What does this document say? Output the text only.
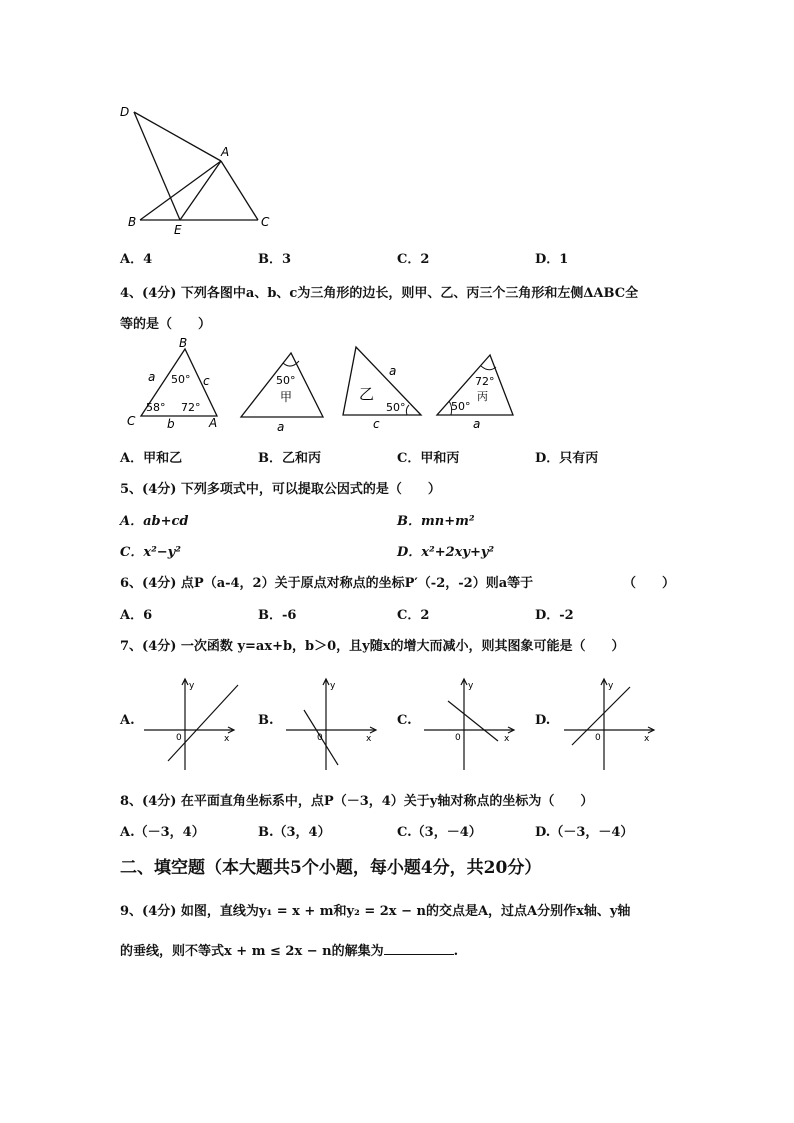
D
A
B
E
C
A．4	B．3	C．2	D．1
4、(4分) 下列各图中a、b、c为三角形的边长，则甲、乙、丙三个三角形和左侧ΔABC全
等的是（　　）
B
C	A
a
b
c
50°
58° 72°
50°
甲
a
乙
a
50°
c
72°
丙
50°
a
A．甲和乙	B．乙和丙	C．甲和丙	D．只有丙
5、(4分) 下列多项式中，可以提取公因式的是（　　）
A．ab+cd	B．mn+m²
C．x²−y²	D．x²+2xy+y²
6、(4分) 点P（a-4，2）关于原点对称点的坐标P′（-2，-2）则a等于	（　　）
A．6	B．-6	C．2	D．-2
7、(4分) 一次函数 y=ax+b，b＞0，且y随x的增大而减小，则其图象可能是（　　）
A.	B.	C.	D.
y
x
0
y
x
0
y
x
0
y
x
0
8、(4分) 在平面直角坐标系中，点P（－3，4）关于y轴对称点的坐标为（　　）
A.（－3，4）	B.（3，4）	C.（3，－4）	D.（－3，－4）
二、填空题（本大题共5个小题，每小题4分，共20分）
9、(4分) 如图，直线为y₁ = x + m和y₂ = 2x − n的交点是A，过点A分别作x轴、y轴
的垂线，则不等式x + m ≤ 2x − n的解集为	.
